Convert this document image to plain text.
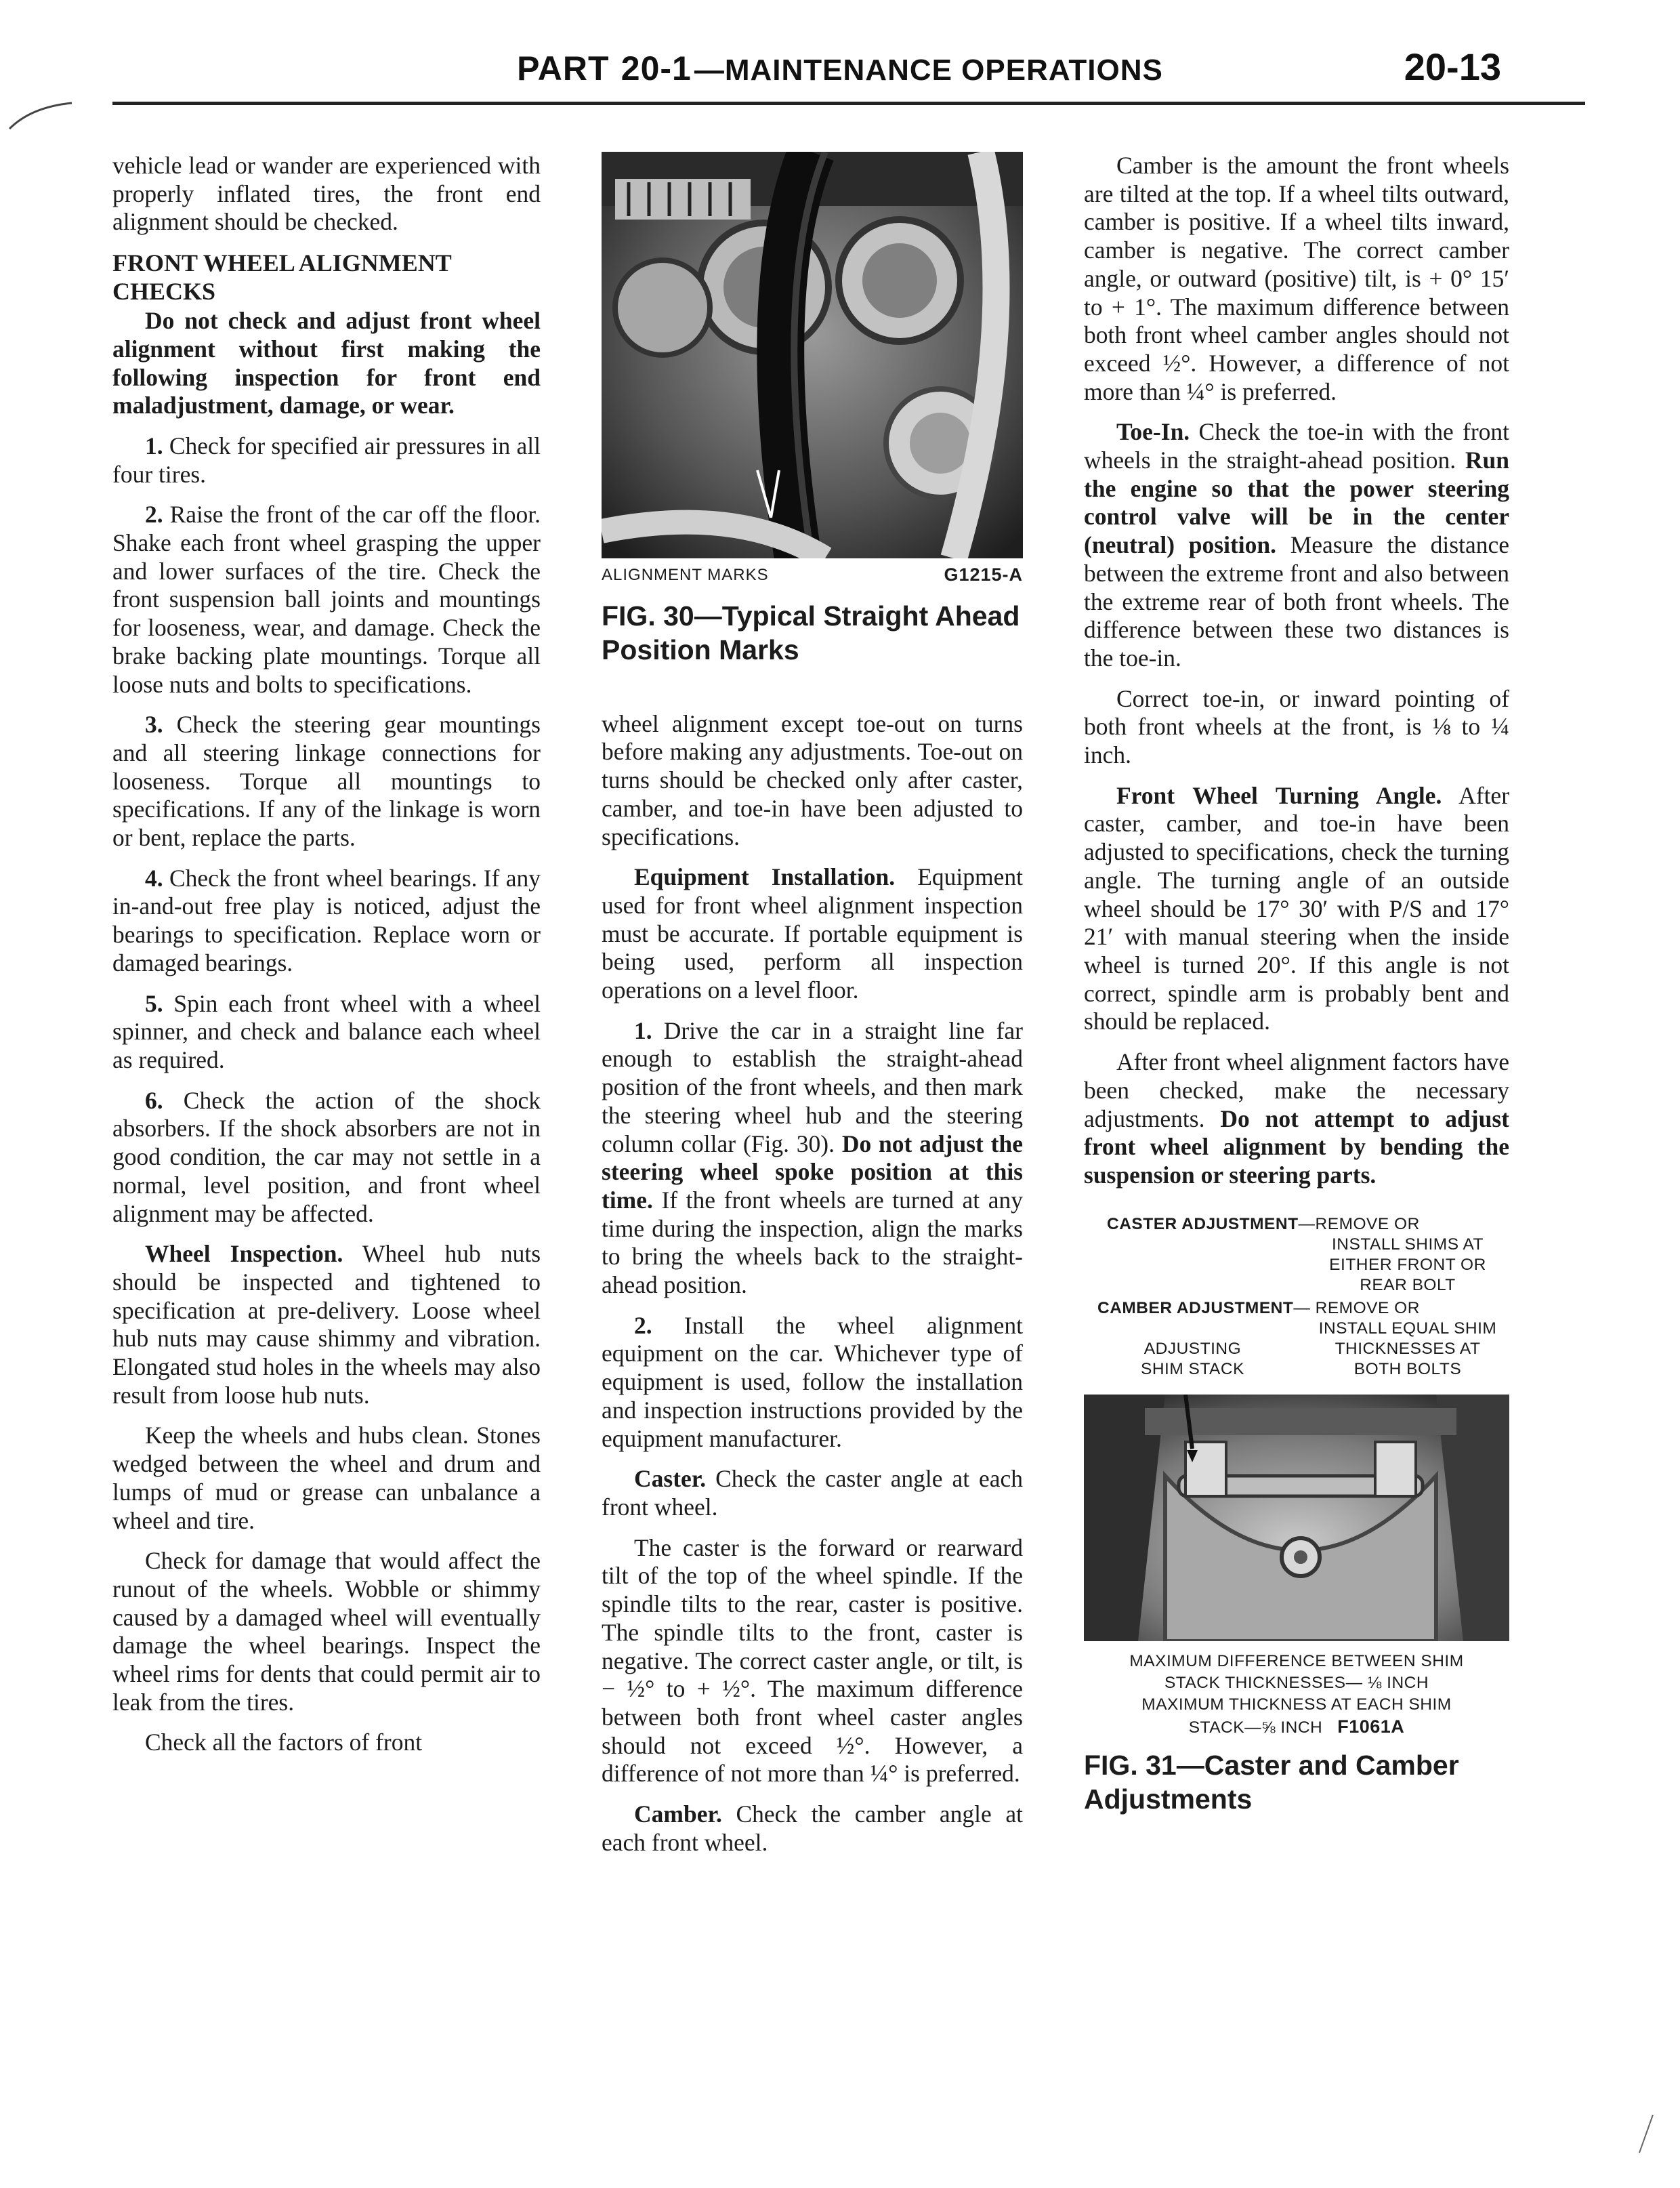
PART 20-1—MAINTENANCE OPERATIONS	20-13

vehicle lead or wander are experienced with properly inflated tires, the front end alignment should be checked.

FRONT WHEEL ALIGNMENT CHECKS

Do not check and adjust front wheel alignment without first making the following inspection for front end maladjustment, damage, or wear.

1. Check for specified air pressures in all four tires.

2. Raise the front of the car off the floor. Shake each front wheel grasping the upper and lower surfaces of the tire. Check the front suspension ball joints and mountings for looseness, wear, and damage. Check the brake backing plate mountings. Torque all loose nuts and bolts to specifications.

3. Check the steering gear mountings and all steering linkage connections for looseness. Torque all mountings to specifications. If any of the linkage is worn or bent, replace the parts.

4. Check the front wheel bearings. If any in-and-out free play is noticed, adjust the bearings to specification. Replace worn or damaged bearings.

5. Spin each front wheel with a wheel spinner, and check and balance each wheel as required.

6. Check the action of the shock absorbers. If the shock absorbers are not in good condition, the car may not settle in a normal, level position, and front wheel alignment may be affected.

Wheel Inspection. Wheel hub nuts should be inspected and tightened to specification at pre-delivery. Loose wheel hub nuts may cause shimmy and vibration. Elongated stud holes in the wheels may also result from loose hub nuts.

Keep the wheels and hubs clean. Stones wedged between the wheel and drum and lumps of mud or grease can unbalance a wheel and tire.

Check for damage that would affect the runout of the wheels. Wobble or shimmy caused by a damaged wheel will eventually damage the wheel bearings. Inspect the wheel rims for dents that could permit air to leak from the tires.

Check all the factors of front

ALIGNMENT MARKS	G1215-A
FIG. 30—Typical Straight Ahead Position Marks

wheel alignment except toe-out on turns before making any adjustments. Toe-out on turns should be checked only after caster, camber, and toe-in have been adjusted to specifications.

Equipment Installation. Equipment used for front wheel alignment inspection must be accurate. If portable equipment is being used, perform all inspection operations on a level floor.

1. Drive the car in a straight line far enough to establish the straight-ahead position of the front wheels, and then mark the steering wheel hub and the steering column collar (Fig. 30). Do not adjust the steering wheel spoke position at this time. If the front wheels are turned at any time during the inspection, align the marks to bring the wheels back to the straight-ahead position.

2. Install the wheel alignment equipment on the car. Whichever type of equipment is used, follow the installation and inspection instructions provided by the equipment manufacturer.

Caster. Check the caster angle at each front wheel.

The caster is the forward or rearward tilt of the top of the wheel spindle. If the spindle tilts to the rear, caster is positive. The spindle tilts to the front, caster is negative. The correct caster angle, or tilt, is − ½° to + ½°. The maximum difference between both front wheel caster angles should not exceed ½°. However, a difference of not more than ¼° is preferred.

Camber. Check the camber angle at each front wheel.

Camber is the amount the front wheels are tilted at the top. If a wheel tilts outward, camber is positive. If a wheel tilts inward, camber is negative. The correct camber angle, or outward (positive) tilt, is + 0° 15′ to + 1°. The maximum difference between both front wheel camber angles should not exceed ½°. However, a difference of not more than ¼° is preferred.

Toe-In. Check the toe-in with the front wheels in the straight-ahead position. Run the engine so that the power steering control valve will be in the center (neutral) position. Measure the distance between the extreme front and also between the extreme rear of both front wheels. The difference between these two distances is the toe-in.

Correct toe-in, or inward pointing of both front wheels at the front, is ⅛ to ¼ inch.

Front Wheel Turning Angle. After caster, camber, and toe-in have been adjusted to specifications, check the turning angle. The turning angle of an outside wheel should be 17° 30′ with P/S and 17° 21′ with manual steering when the inside wheel is turned 20°. If this angle is not correct, spindle arm is probably bent and should be replaced.

After front wheel alignment factors have been checked, make the necessary adjustments. Do not attempt to adjust front wheel alignment by bending the suspension or steering parts.

CASTER ADJUSTMENT—REMOVE OR
INSTALL SHIMS AT
EITHER FRONT OR
REAR BOLT
CAMBER ADJUSTMENT— REMOVE OR
INSTALL EQUAL SHIM
THICKNESSES AT
BOTH BOLTS
ADJUSTING
SHIM STACK
MAXIMUM DIFFERENCE BETWEEN SHIM
STACK THICKNESSES— ⅛ INCH
MAXIMUM THICKNESS AT EACH SHIM
STACK—⅝ INCH F1061A
FIG. 31—Caster and Camber Adjustments
